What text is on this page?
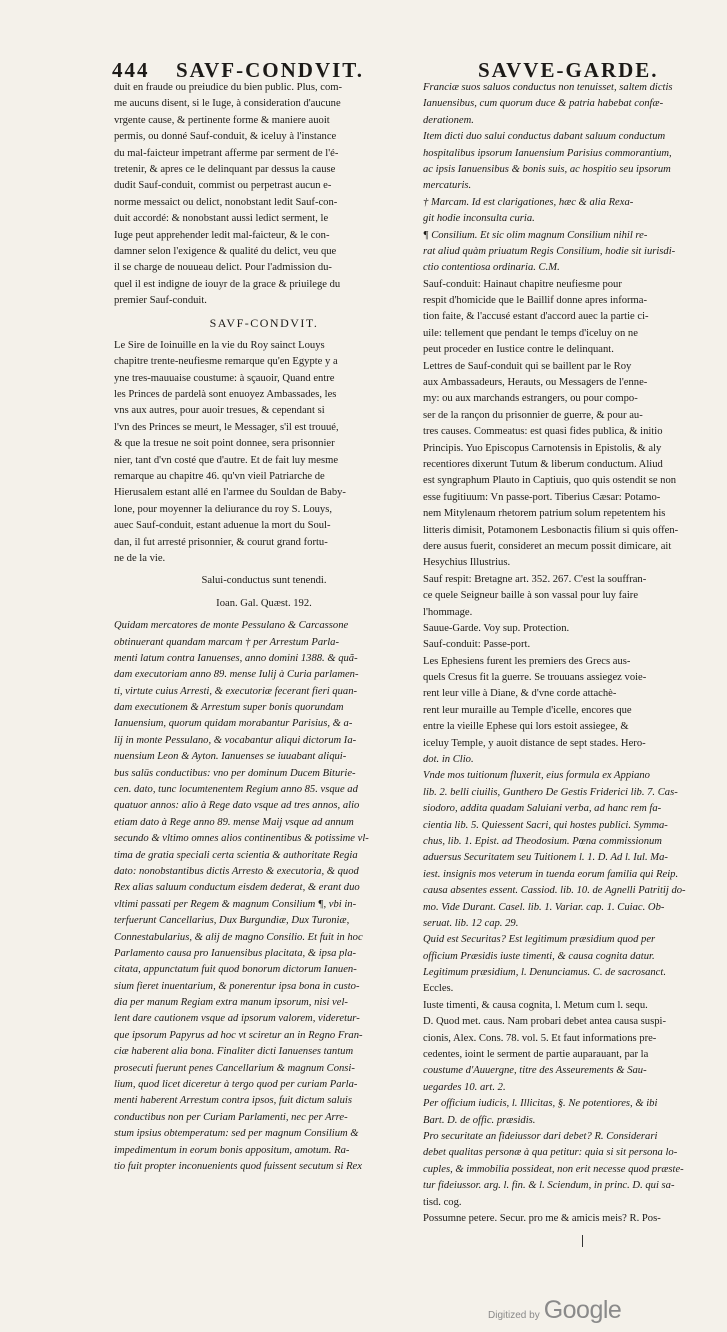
444 SAVF-CONDVIT.	SAVVE-GARDE.
duit en fraude ou preiudice du bien public. Plus, com-
me aucuns disent, si le Iuge, à consideration d'aucune
vrgente cause, & pertinente forme & maniere auoit
permis, ou donné Sauf-conduit, & iceluy à l'instance
du mal-faicteur impetrant afferme par serment de l'é-
tretenir, & apres ce le delinquant par dessus la cause
dudit Sauf-conduit, commist ou perpetrast aucun e-
norme messaict ou delict, nonobstant ledit Sauf-con-
duit accordé: & nonobstant aussi ledict serment, le
Iuge peut apprehender ledit mal-faicteur, & le con-
damner selon l'exigence & qualité du delict, veu que
il se charge de nouueau delict. Pour l'admission du-
quel il est indigne de iouyr de la grace & priuilege du
premier Sauf-conduit.
SAVF-CONDVIT.
Le Sire de Ioinuille en la vie du Roy sainct Louys
chapitre trente-neufiesme remarque qu'en Egypte y a
yne tres-mauuaise coustume: à sçauoir, Quand entre
les Princes de pardelà sont enuoyez Ambassades, les
vns aux autres, pour auoir tresues, & cependant si
l'vn des Princes se meurt, le Messager, s'il est trouué,
& que la tresue ne soit point donnee, sera prisonnier
nier, tant d'vn costé que d'autre. Et de fait luy mesme
remarque au chapitre 46. qu'vn vieil Patriarche de
Hierusalem estant allé en l'armee du Souldan de Baby-
lone, pour moyenner la deliurance du roy S. Louys,
auec Sauf-conduit, estant aduenue la mort du Soul-
dan, il fut arresté prisonnier, & courut grand fortu-
ne de la vie.
Salui-conductus sunt tenendi.
Ioan. Gal. Quæst. 192.
Quidam mercatores de monte Pessulano & Carcassone
obtinuerant quandam marcam † per Arrestum Parla-
menti latum contra Ianuenses, anno domini 1388. & quã-
dam executoriam anno 89. mense Iulij à Curia parlamen-
ti, virtute cuius Arresti, & executoriæ fecerant fieri quan-
dam executionem & Arrestum super bonis quorundam
Ianuensium, quorum quidam morabantur Parisius, & a-
lij in monte Pessulano, & vocabantur aliqui dictorum Ia-
nuensium Leon & Ayton. Ianuenses se iuuabant aliqui-
bus salüs conductibus: vno per dominum Ducem Biturie-
cen. dato, tunc locumtenentem Regium anno 85. vsque ad
quatuor annos: alio à Rege dato vsque ad tres annos, alio
etiam dato à Rege anno 89. mense Maij vsque ad annum
secundo & vltimo omnes alios continentibus & potissime vl-
tima de gratia speciali certa scientia & authoritate Regia
dato: nonobstantibus dictis Arresto & executoria, & quod
Rex alias saluum conductum eisdem dederat, & erant duo
vltimi passati per Regem & magnum Consilium ¶, vbi in-
terfuerunt Cancellarius, Dux Burgundiæ, Dux Turoniæ,
Connestabularius, & alij de magno Consilio. Et fuit in hoc
Parlamento causa pro Ianuensibus placitata, & ipsa pla-
citata, appunctatum fuit quod bonorum dictorum Ianuen-
sium fieret inuentarium, & ponerentur ipsa bona in custo-
dia per manum Regiam extra manum ipsorum, nisi vel-
lent dare cautionem vsque ad ipsorum valorem, videretur-
que ipsorum Papyrus ad hoc vt sciretur an in Regno Fran-
ciæ haberent alia bona. Finaliter dicti Ianuenses tantum
prosecuti fuerunt penes Cancellarium & magnum Consi-
lium, quod licet diceretur à tergo quod per curiam Parla-
menti haberent Arrestum contra ipsos, fuit dictum saluis
conductibus non per Curiam Parlamenti, nec per Arre-
stum ipsius obtemperatum: sed per magnum Consilium &
impedimentum in eorum bonis appositum, amotum. Ra-
tio fuit propter inconuenients quod fuissent secutum si Rex
Franciæ suos saluos conductus non tenuisset, saltem dictis
Ianuensibus, cum quorum duce & patria habebat confæ-
derationem.
Item dicti duo salui conductus dabant saluum conductum
hospitalibus ipsorum Ianuensium Parisius commorantium,
ac ipsis Ianuensibus & bonis suis, ac hospitio seu ipsorum
mercaturis.
† Marcam. Id est clarigationes, hæc & alia Rexa-
git hodie inconsulta curia.
¶ Consilium. Et sic olim magnum Consilium nihil re-
rat aliud quàm priuatum Regis Consilium, hodie sit iurisdi-
ctio contentiosa ordinaria. C.M.
Sauf-conduit: Hainaut chapitre neufiesme pour
respit d'homicide que le Baillif donne apres informa-
tion faite, & l'accusé estant d'accord auec la partie ci-
uile: tellement que pendant le temps d'iceluy on ne
peut proceder en Iustice contre le delinquant.
Lettres de Sauf-conduit qui se baillent par le Roy
aux Ambassadeurs, Herauts, ou Messagers de l'enne-
my: ou aux marchands estrangers, ou pour compo-
ser de la rançon du prisonnier de guerre, & pour au-
tres causes. Commeatus: est quasi fides publica, & initio
Principis. Yuo Episcopus Carnotensis in Epistolis, & aly
recentiores dixerunt Tutum & liberum conductum. Aliud
est syngraphum Plauto in Captiuis, quo quis ostendit se non
esse fugitiuum: Vn passe-port. Tiberius Cæsar: Potamo-
nem Mitylenaum rhetorem patrium solum repetentem his
litteris dimisit, Potamonem Lesbonactis filium si quis offen-
dere ausus fuerit, consideret an mecum possit dimicare, ait
Hesychius Illustrius.
Sauf respit: Bretagne art. 352. 267. C'est la souffran-
ce quele Seigneur baille à son vassal pour luy faire
l'hommage.
Sauue-Garde. Voy sup. Protection.
Sauf-conduit: Passe-port.
Les Ephesiens furent les premiers des Grecs aus-
quels Cresus fit la guerre. Se trouuans assiegez voie-
rent leur ville à Diane, & d'vne corde attachè-
rent leur muraille au Temple d'icelle, encores que
entre la vieille Ephese qui lors estoit assiegee, &
iceluy Temple, y auoit distance de sept stades. Hero-
dot. in Clio.
Vnde mos tuitionum fluxerit, eius formula ex Appiano
lib. 2. belli ciuilis, Gunthero De Gestis Friderici lib. 7. Cas-
siodoro, addita quadam Saluiani verba, ad hanc rem fa-
cientia lib. 5. Quiessent Sacri, qui hostes publici. Symma-
chus, lib. 1. Epist. ad Theodosium. Pœna commissionum
aduersus Securitatem seu Tuitionem l. 1. D. Ad l. Iul. Ma-
iest. insignis mos veterum in tuenda eorum familia qui Reip.
causa absentes essent. Cassiod. lib. 10. de Agnelli Patritij do-
mo. Vide Durant. Casel. lib. 1. Variar. cap. 1. Cuiac. Ob-
seruat. lib. 12 cap. 29.
Quid est Securitas? Est legitimum præsidium quod per
officium Præsidis iuste timenti, & causa cognita datur.
Legitimum præsidium, l. Denunciamus. C. de sacrosanct.
Eccles.
Iuste timenti, & causa cognita, l. Metum cum l. sequ.
D. Quod met. caus. Nam probari debet antea causa suspi-
cionis, Alex. Cons. 78. vol. 5. Et faut informations pre-
cedentes, ioint le serment de partie auparauant, par la
coustume d'Auuergne, titre des Asseurements & Sau-
uegardes 10. art. 2.
Per officium iudicis, l. Illicitas, §. Ne potentiores, & ibi
Bart. D. de offic. præsidis.
Pro securitate an fideiussor dari debet? R. Considerari
debet qualitas personæ à qua petitur: quia si sit persona lo-
cuples, & immobilia possideat, non erit necesse quod præste-
tur fideiussor. arg. l. fin. & l. Sciendum, in princ. D. qui sa-
tisd. cog.
Possumne petere. Secur. pro me & amicis meis? R. Pos-
Digitized by Google
